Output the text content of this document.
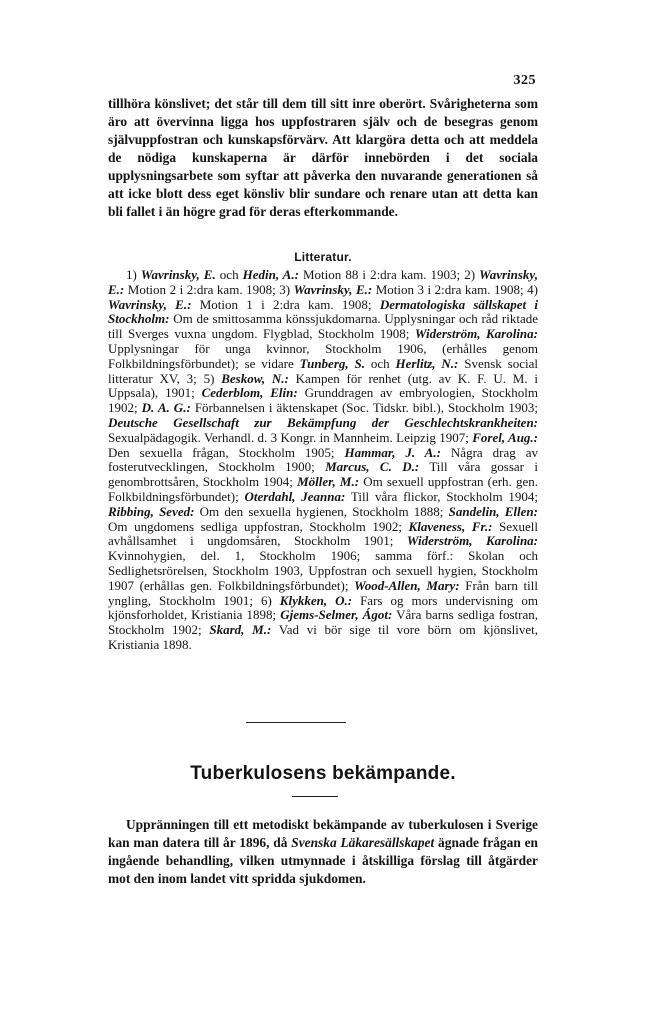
325

tillhöra könslivet; det står till dem till sitt inre oberört. Svårigheterna som äro att övervinna ligga hos uppfostraren själv och de besegras genom självuppfostran och kunskapsförvärv. Att klargöra detta och att meddela de nödiga kunskaperna är därför innebörden i det sociala upplysningsarbete som syftar att påverka den nuvarande generationen så att icke blott dess eget könsliv blir sundare och renare utan att detta kan bli fallet i än högre grad för deras efterkommande.

Litteratur.

1) Wavrinsky, E. och Hedin, A.: Motion 88 i 2:dra kam. 1903; 2) Wavrinsky, E.: Motion 2 i 2:dra kam. 1908; 3) Wavrinsky, E.: Motion 3 i 2:dra kam. 1908; 4) Wavrinsky, E.: Motion 1 i 2:dra kam. 1908; Dermatologiska sällskapet i Stockholm: Om de smittosamma könssjukdomarna. Upplysningar och råd riktade till Sverges vuxna ungdom. Flygblad, Stockholm 1908; Widerström, Karolina: Upplysningar för unga kvinnor, Stockholm 1906, (erhålles genom Folkbildningsförbundet); se vidare Tunberg, S. och Herlitz, N.: Svensk social litteratur XV, 3; 5) Beskow, N.: Kampen för renhet (utg. av K. F. U. M. i Uppsala), 1901; Cederblom, Elin: Grunddragen av embryologien, Stockholm 1902; D. A. G.: Förbannelsen i äktenskapet (Soc. Tidskr. bibl.), Stockholm 1903; Deutsche Gesellschaft zur Bekämpfung der Geschlechtskrankheiten: Sexualpädagogik. Verhandl. d. 3 Kongr. in Mannheim. Leipzig 1907; Forel, Aug.: Den sexuella frågan, Stockholm 1905; Hammar, J. A.: Några drag av fosterutvecklingen, Stockholm 1900; Marcus, C. D.: Till våra gossar i genombrottsåren, Stockholm 1904; Möller, M.: Om sexuell uppfostran (erh. gen. Folkbildningsförbundet); Oterdahl, Jeanna: Till våra flickor, Stockholm 1904; Ribbing, Seved: Om den sexuella hygienen, Stockholm 1888; Sandelin, Ellen: Om ungdomens sedliga uppfostran, Stockholm 1902; Klaveness, Fr.: Sexuell avhållsamhet i ungdomsåren, Stockholm 1901; Widerström, Karolina: Kvinnohygien, del. 1, Stockholm 1906; samma förf.: Skolan och Sedlighetsrörelsen, Stockholm 1903, Uppfostran och sexuell hygien, Stockholm 1907 (erhållas gen. Folkbildningsförbundet); Wood-Allen, Mary: Från barn till yngling, Stockholm 1901; 6) Klykken, O.: Fars og mors undervisning om kjönsforholdet, Kristiania 1898; Gjems-Selmer, Ágot: Våra barns sedliga fostran, Stockholm 1902; Skard, M.: Vad vi bör sige til vore börn om kjönslivet, Kristiania 1898.

Tuberkulosens bekämpande.

Uppränningen till ett metodiskt bekämpande av tuberkulosen i Sverige kan man datera till år 1896, då Svenska Läkaresällskapet ägnade frågan en ingående behandling, vilken utmynnade i åtskilliga förslag till åtgärder mot den inom landet vitt spridda sjukdomen.
